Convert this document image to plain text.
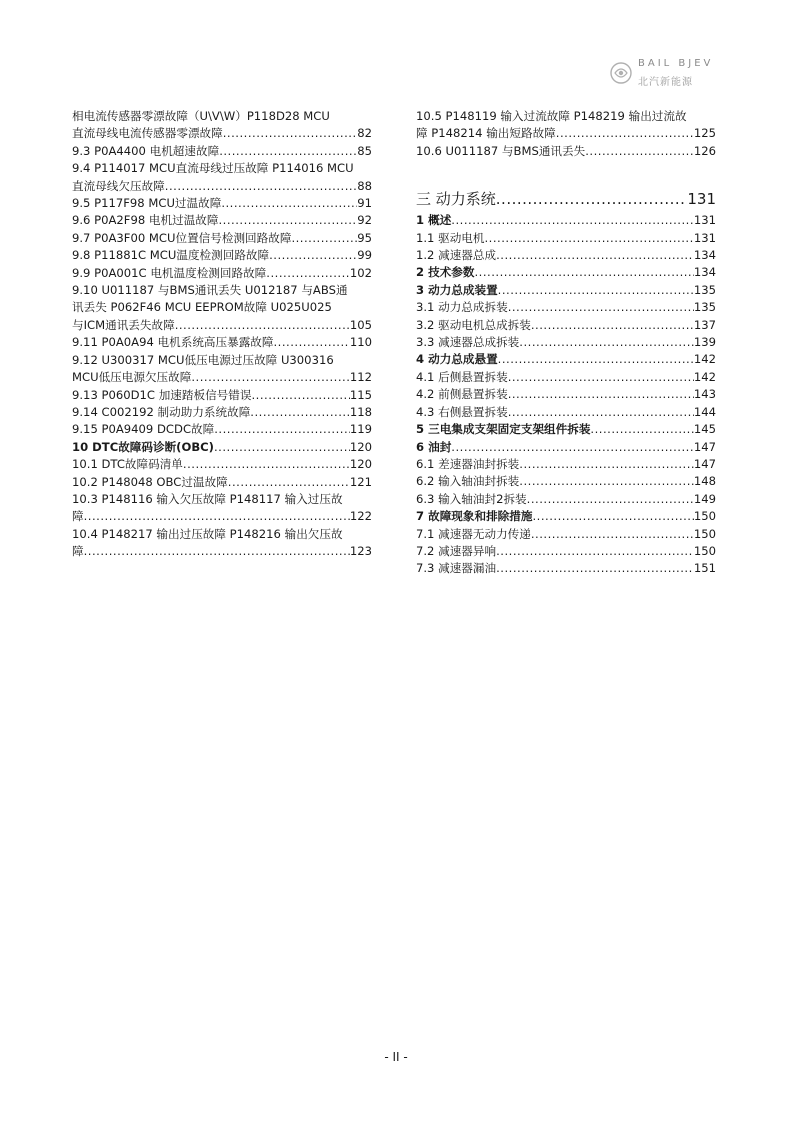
BAIL BJEV
北汽新能源
相电流传感器零漂故障（U\V\W）P118D28 MCU
直流母线电流传感器零漂故障 .....	82
9.3 P0A4400 电机超速故障 .....	85
9.4 P114017 MCU直流母线过压故障 P114016 MCU
直流母线欠压故障 .....	88
9.5 P117F98 MCU过温故障 .....	91
9.6 P0A2F98 电机过温故障 .....	92
9.7 P0A3F00 MCU位置信号检测回路故障 .....	95
9.8 P11881C MCU温度检测回路故障 .....	99
9.9 P0A001C 电机温度检测回路故障 .....	102
9.10 U011187 与BMS通讯丢失 U012187 与ABS通
讯丢失 P062F46 MCU EEPROM故障 U025U025
与ICM通讯丢失故障 .....	105
9.11 P0A0A94 电机系统高压暴露故障 .....	110
9.12 U300317 MCU低压电源过压故障 U300316
MCU低压电源欠压故障 .....	112
9.13 P060D1C 加速踏板信号错误 .....	115
9.14 C002192 制动助力系统故障 .....	118
9.15 P0A9409 DCDC故障 .....	119
10 DTC故障码诊断(OBC) .....	120
10.1 DTC故障码清单 .....	120
10.2 P148048 OBC过温故障 .....	121
10.3 P148116 输入欠压故障 P148117 输入过压故
障 .....	122
10.4 P148217 输出过压故障 P148216 输出欠压故
障 .....	123
10.5 P148119 输入过流故障 P148219 输出过流故
障 P148214 输出短路故障 .....	125
10.6 U011187 与BMS通讯丢失 .....	126
三 动力系统 .....	131
1 概述 .....	131
1.1 驱动电机 .....	131
1.2 减速器总成 .....	134
2 技术参数 .....	134
3 动力总成装置 .....	135
3.1 动力总成拆装 .....	135
3.2 驱动电机总成拆装 .....	137
3.3 减速器总成拆装 .....	139
4 动力总成悬置 .....	142
4.1 后侧悬置拆装 .....	142
4.2 前侧悬置拆装 .....	143
4.3 右侧悬置拆装 .....	144
5 三电集成支架固定支架组件拆装 .....	145
6 油封 .....	147
6.1 差速器油封拆装 .....	147
6.2 输入轴油封拆装 .....	148
6.3 输入轴油封2拆装 .....	149
7 故障现象和排除措施 .....	150
7.1 减速器无动力传递 .....	150
7.2 减速器异响 .....	150
7.3 减速器漏油 .....	151
- II -
